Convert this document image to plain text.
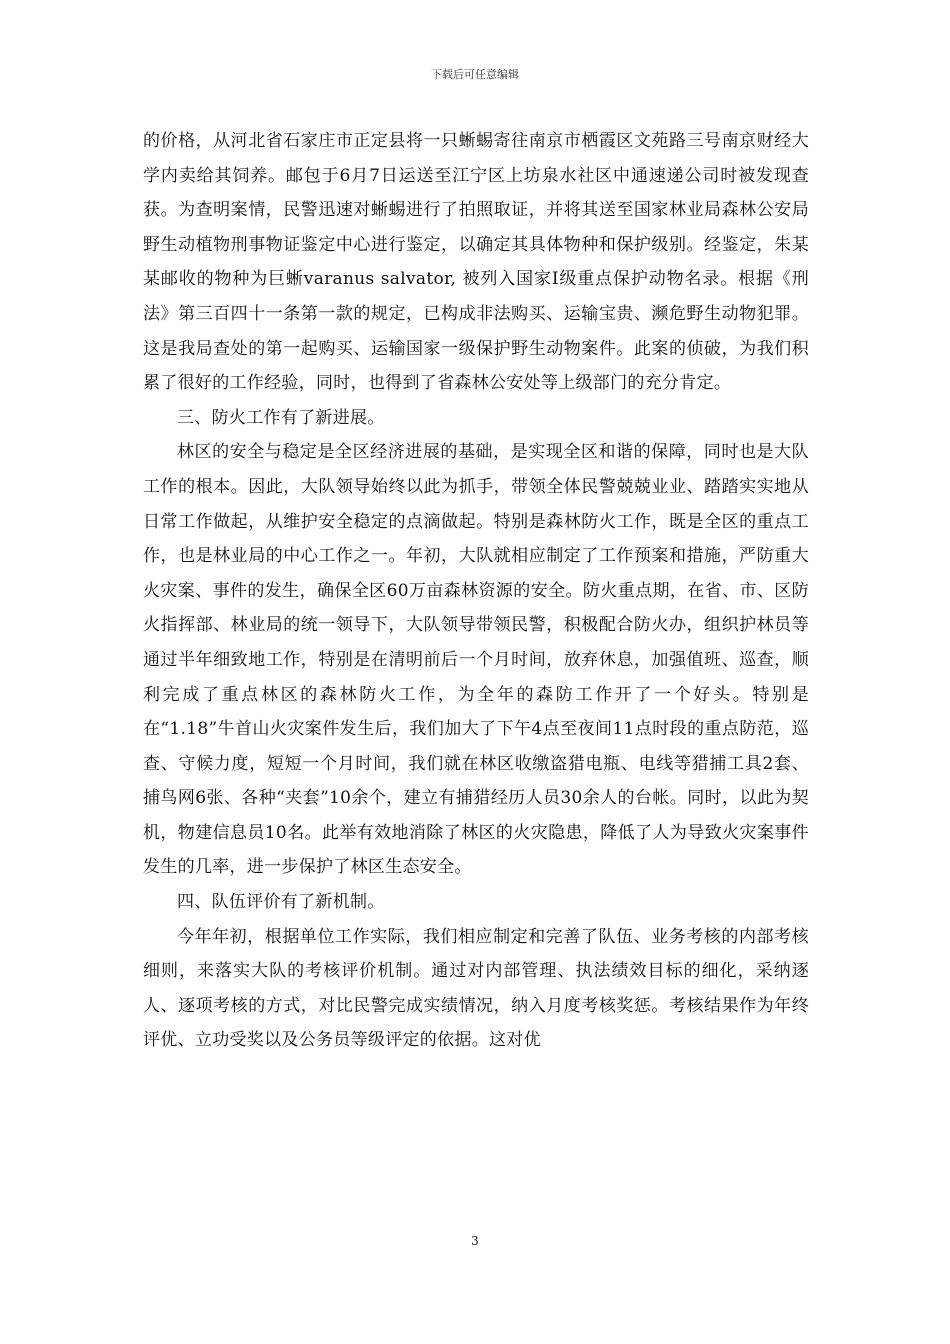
下载后可任意编辑

的价格，从河北省石家庄市正定县将一只蜥蜴寄往南京市栖霞区文苑路三号南京财经大学内卖给其饲养。邮包于6月7日运送至江宁区上坊泉水社区中通速递公司时被发现查获。为查明案情，民警迅速对蜥蜴进行了拍照取证，并将其送至国家林业局森林公安局野生动植物刑事物证鉴定中心进行鉴定，以确定其具体物种和保护级别。经鉴定，朱某某邮收的物种为巨蜥varanus salvator, 被列入国家Ⅰ级重点保护动物名录。根据《刑法》第三百四十一条第一款的规定，已构成非法购买、运输宝贵、濒危野生动物犯罪。这是我局查处的第一起购买、运输国家一级保护野生动物案件。此案的侦破，为我们积累了很好的工作经验，同时，也得到了省森林公安处等上级部门的充分肯定。

三、防火工作有了新进展。

林区的安全与稳定是全区经济进展的基础，是实现全区和谐的保障，同时也是大队工作的根本。因此，大队领导始终以此为抓手，带领全体民警兢兢业业、踏踏实实地从日常工作做起，从维护安全稳定的点滴做起。特别是森林防火工作，既是全区的重点工作，也是林业局的中心工作之一。年初，大队就相应制定了工作预案和措施，严防重大火灾案、事件的发生，确保全区60万亩森林资源的安全。防火重点期，在省、市、区防火指挥部、林业局的统一领导下，大队领导带领民警，积极配合防火办，组织护林员等通过半年细致地工作，特别是在清明前后一个月时间，放弃休息，加强值班、巡查，顺利完成了重点林区的森林防火工作，为全年的森防工作开了一个好头。特别是在“1.18”牛首山火灾案件发生后，我们加大了下午4点至夜间11点时段的重点防范，巡查、守候力度，短短一个月时间，我们就在林区收缴盗猎电瓶、电线等猎捕工具2套、捕鸟网6张、各种“夹套”10余个，建立有捕猎经历人员30余人的台帐。同时，以此为契机，物建信息员10名。此举有效地消除了林区的火灾隐患，降低了人为导致火灾案事件发生的几率，进一步保护了林区生态安全。

四、队伍评价有了新机制。

今年年初，根据单位工作实际，我们相应制定和完善了队伍、业务考核的内部考核细则，来落实大队的考核评价机制。通过对内部管理、执法绩效目标的细化，采纳逐人、逐项考核的方式，对比民警完成实绩情况，纳入月度考核奖惩。考核结果作为年终评优、立功受奖以及公务员等级评定的依据。这对优

3
